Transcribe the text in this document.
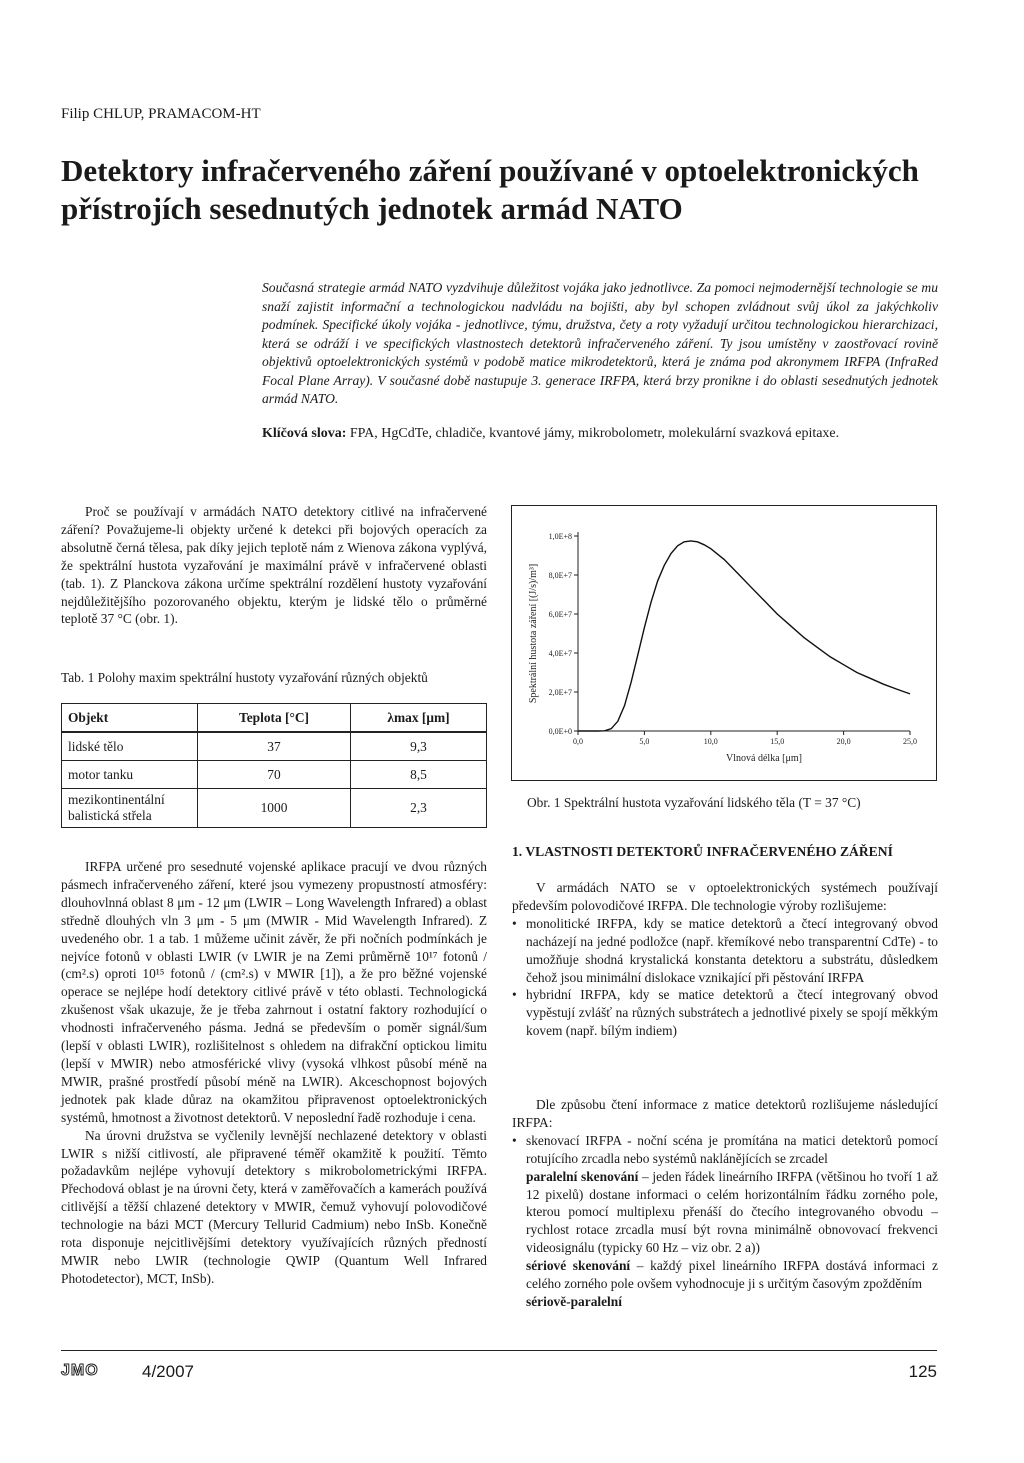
Filip CHLUP, PRAMACOM-HT
Detektory infračerveného záření používané v optoelektronických
přístrojích sesednutých jednotek armád NATO
Současná strategie armád NATO vyzdvihuje důležitost vojáka jako jednotlivce. Za pomoci nejmodernější technologie se mu snaží zajistit informační a technologickou nadvládu na bojišti, aby byl schopen zvládnout svůj úkol za jakýchkoliv podmínek. Specifické úkoly vojáka - jednotlivce, týmu, družstva, čety a roty vyžadují určitou technologickou hierarchizaci, která se odráží i ve specifických vlastnostech detektorů infračerveného záření. Ty jsou umístěny v zaostřovací rovině objektivů optoelektronických systémů v podobě matice mikrodetektorů, která je známa pod akronymem IRFPA (InfraRed Focal Plane Array). V současné době nastupuje 3. generace IRFPA, která brzy pronikne i do oblasti sesednutých jednotek armád NATO.
Klíčová slova: FPA, HgCdTe, chladiče, kvantové jámy, mikrobolometr, molekulární svazková epitaxe.

Proč se používají v armádách NATO detektory citlivé na infračervené záření? Považujeme-li objekty určené k detekci při bojových operacích za absolutně černá tělesa, pak díky jejich teplotě nám z Wienova zákona vyplývá, že spektrální hustota vyzařování je maximální právě v infračervené oblasti (tab. 1). Z Planckova zákona určíme spektrální rozdělení hustoty vyzařování nejdůležitějšího pozorovaného objektu, kterým je lidské tělo o průměrné teplotě 37 °C (obr. 1).

Tab. 1 Polohy maxim spektrální hustoty vyzařování různých objektů
Objekt	Teplota [°C]	λmax [μm]
lidské tělo	37	9,3
motor tanku	70	8,5
mezikontinentální balistická střela	1000	2,3

IRFPA určené pro sesednuté vojenské aplikace pracují ve dvou různých pásmech infračerveného záření, které jsou vymezeny propustností atmosféry: dlouhovlnná oblast 8 μm - 12 μm (LWIR – Long Wavelength Infrared) a oblast středně dlouhých vln 3 μm - 5 μm (MWIR - Mid Wavelength Infrared). Z uvedeného obr. 1 a tab. 1 můžeme učinit závěr, že při nočních podmínkách je nejvíce fotonů v oblasti LWIR (v LWIR je na Zemi průměrně 10¹⁷ fotonů / (cm².s) oproti 10¹⁵ fotonů / (cm².s) v MWIR [1]), a že pro běžné vojenské operace se nejlépe hodí detektory citlivé právě v této oblasti. Technologická zkušenost však ukazuje, že je třeba zahrnout i ostatní faktory rozhodující o vhodnosti infračerveného pásma. Jedná se především o poměr signál/šum (lepší v oblasti LWIR), rozlišitelnost s ohledem na difrakční optickou limitu (lepší v MWIR) nebo atmosférické vlivy (vysoká vlhkost působí méně na MWIR, prašné prostředí působí méně na LWIR). Akceschopnost bojových jednotek pak klade důraz na okamžitou připravenost optoelektronických systémů, hmotnost a životnost detektorů. V neposlední řadě rozhoduje i cena.

Na úrovni družstva se vyčlenily levnější nechlazené detektory v oblasti LWIR s nižší citlivostí, ale připravené téměř okamžitě k použití. Těmto požadavkům nejlépe vyhovují detektory s mikrobolometrickými IRFPA. Přechodová oblast je na úrovni čety, která v zaměřovačích a kamerách používá citlivější a těžší chlazené detektory v MWIR, čemuž vyhovují polovodičové technologie na bázi MCT (Mercury Tellurid Cadmium) nebo InSb. Konečně rota disponuje nejcitlivějšími detektory využívajících různých předností MWIR nebo LWIR (technologie QWIP (Quantum Well Infrared Photodetector), MCT, InSb).

0,0	5,0	10,0	15,0	20,0	25,0
0,0E+0
2,0E+7
4,0E+7
6,0E+7
8,0E+7
1,0E+8
Vlnová délka [μm]
Spektrální hustota záření [(J/s)/m³]
Obr. 1 Spektrální hustota vyzařování lidského těla (T = 37 °C)
1. VLASTNOSTI DETEKTORŮ INFRAČERVENÉHO ZÁŘENÍ

V armádách NATO se v optoelektronických systémech používají především polovodičové IRFPA. Dle technologie výroby rozlišujeme:

• monolitické IRFPA, kdy se matice detektorů a čtecí integrovaný obvod nacházejí na jedné podložce (např. křemíkové nebo transparentní CdTe) - to umožňuje shodná krystalická konstanta detektoru a substrátu, důsledkem čehož jsou minimální dislokace vznikající při pěstování IRFPA
• hybridní IRFPA, kdy se matice detektorů a čtecí integrovaný obvod vypěstují zvlášť na různých substrátech a jednotlivé pixely se spojí měkkým kovem (např. bílým indiem)

Dle způsobu čtení informace z matice detektorů rozlišujeme následující IRFPA:

• skenovací IRFPA - noční scéna je promítána na matici detektorů pomocí rotujícího zrcadla nebo systémů naklánějících se zrcadel
paralelní skenování – jeden řádek lineárního IRFPA (většinou ho tvoří 1 až 12 pixelů) dostane informaci o celém horizontálním řádku zorného pole, kterou pomocí multiplexu přenáší do čtecího integrovaného obvodu – rychlost rotace zrcadla musí být rovna minimálně obnovovací frekvenci videosignálu (typicky 60 Hz – viz obr. 2 a))
sériové skenování – každý pixel lineárního IRFPA dostává informaci z celého zorného pole ovšem vyhodnocuje ji s určitým časovým zpožděním
sériově-paralelní
JMO	4/2007	125
